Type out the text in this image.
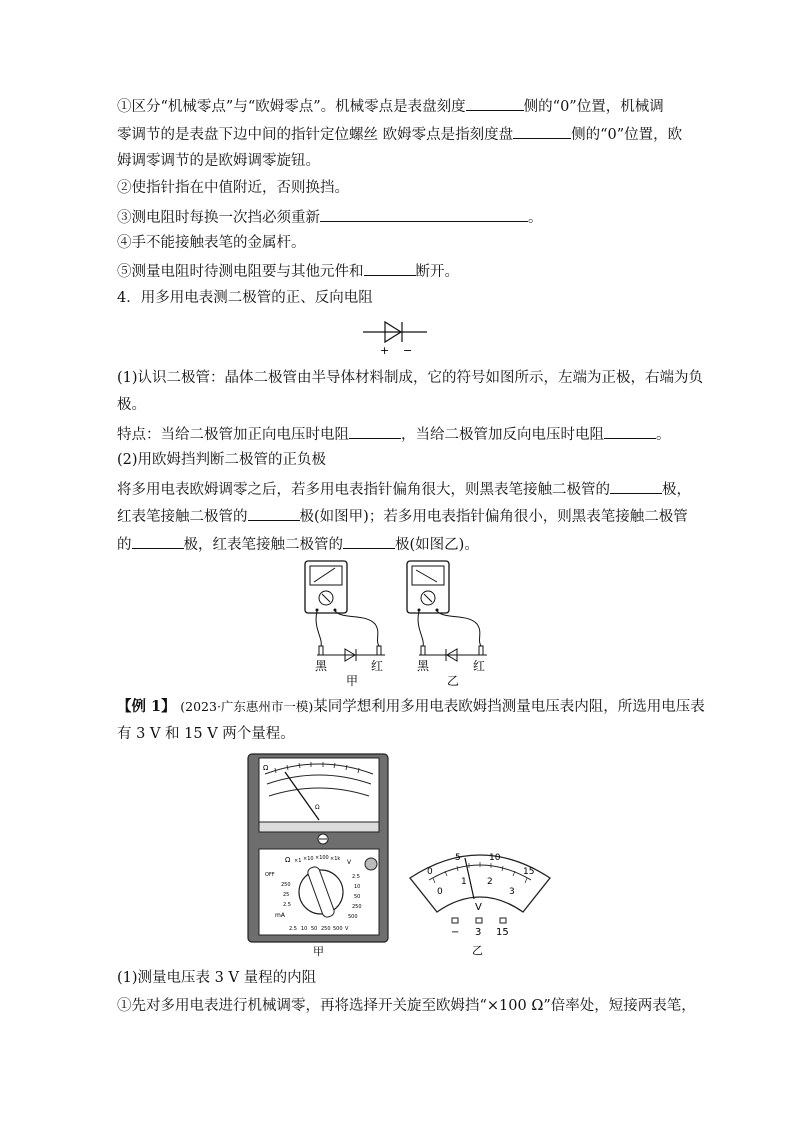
①区分“机械零点”与“欧姆零点”。机械零点是表盘刻度	侧的“0”位置，机械调
零调节的是表盘下边中间的指针定位螺丝 欧姆零点是指刻度盘	侧的“0”位置，欧
姆调零调节的是欧姆调零旋钮。
②使指针指在中值附近，否则换挡。
③测电阻时每换一次挡必须重新	。
④手不能接触表笔的金属杆。
⑤测量电阻时待测电阻要与其他元件和	断开。
4．用多用电表测二极管的正、反向电阻
+ −
(1)认识二极管：晶体二极管由半导体材料制成，它的符号如图所示，左端为正极，右端为负
极。
特点：当给二极管加正向电压时电阻	，当给二极管加反向电压时电阻	。
(2)用欧姆挡判断二极管的正负极
将多用电表欧姆调零之后，若多用电表指针偏角很大，则黑表笔接触二极管的	极，
红表笔接触二极管的	极(如图甲)；若多用电表指针偏角很小，则黑表笔接触二极管
的	极，红表笔接触二极管的	极(如图乙)。
黑	红
甲
黑	红
乙
【例 1】 (2023·广东惠州市一模)某同学想利用多用电表欧姆挡测量电压表内阻，所选用电压表
有 3 V 和 15 V 两个量程。
Ω
Ω
Ω ×1 ×10 ×100 ×1k V
OFF
250
25
2.5
mA
2.5
10
50
250
500
2.5 10 50 250 500 V
甲
0
5	10
15
0
1 2
3
V
− 3 15
乙
(1)测量电压表 3 V 量程的内阻
①先对多用电表进行机械调零，再将选择开关旋至欧姆挡“×100 Ω”倍率处，短接两表笔，
